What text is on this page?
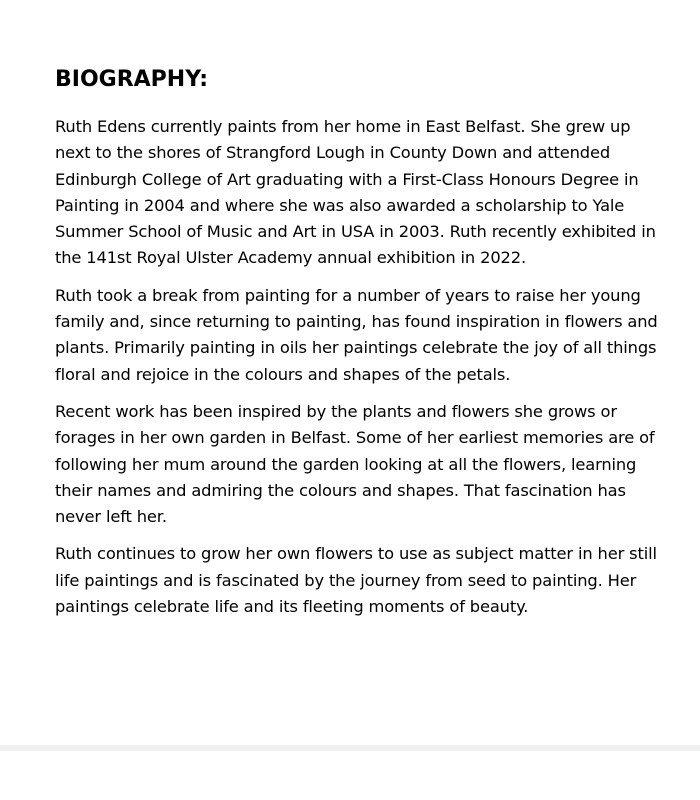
BIOGRAPHY:

Ruth Edens currently paints from her home in East Belfast. She grew up next to the shores of Strangford Lough in County Down and attended Edinburgh College of Art graduating with a First-Class Honours Degree in Painting in 2004 and where she was also awarded a scholarship to Yale Summer School of Music and Art in USA in 2003. Ruth recently exhibited in the 141st Royal Ulster Academy annual exhibition in 2022.

Ruth took a break from painting for a number of years to raise her young family and, since returning to painting, has found inspiration in flowers and plants. Primarily painting in oils her paintings celebrate the joy of all things floral and rejoice in the colours and shapes of the petals.

Recent work has been inspired by the plants and flowers she grows or forages in her own garden in Belfast. Some of her earliest memories are of following her mum around the garden looking at all the flowers, learning their names and admiring the colours and shapes. That fascination has never left her.

Ruth continues to grow her own flowers to use as subject matter in her still life paintings and is fascinated by the journey from seed to painting. Her paintings celebrate life and its fleeting moments of beauty.
